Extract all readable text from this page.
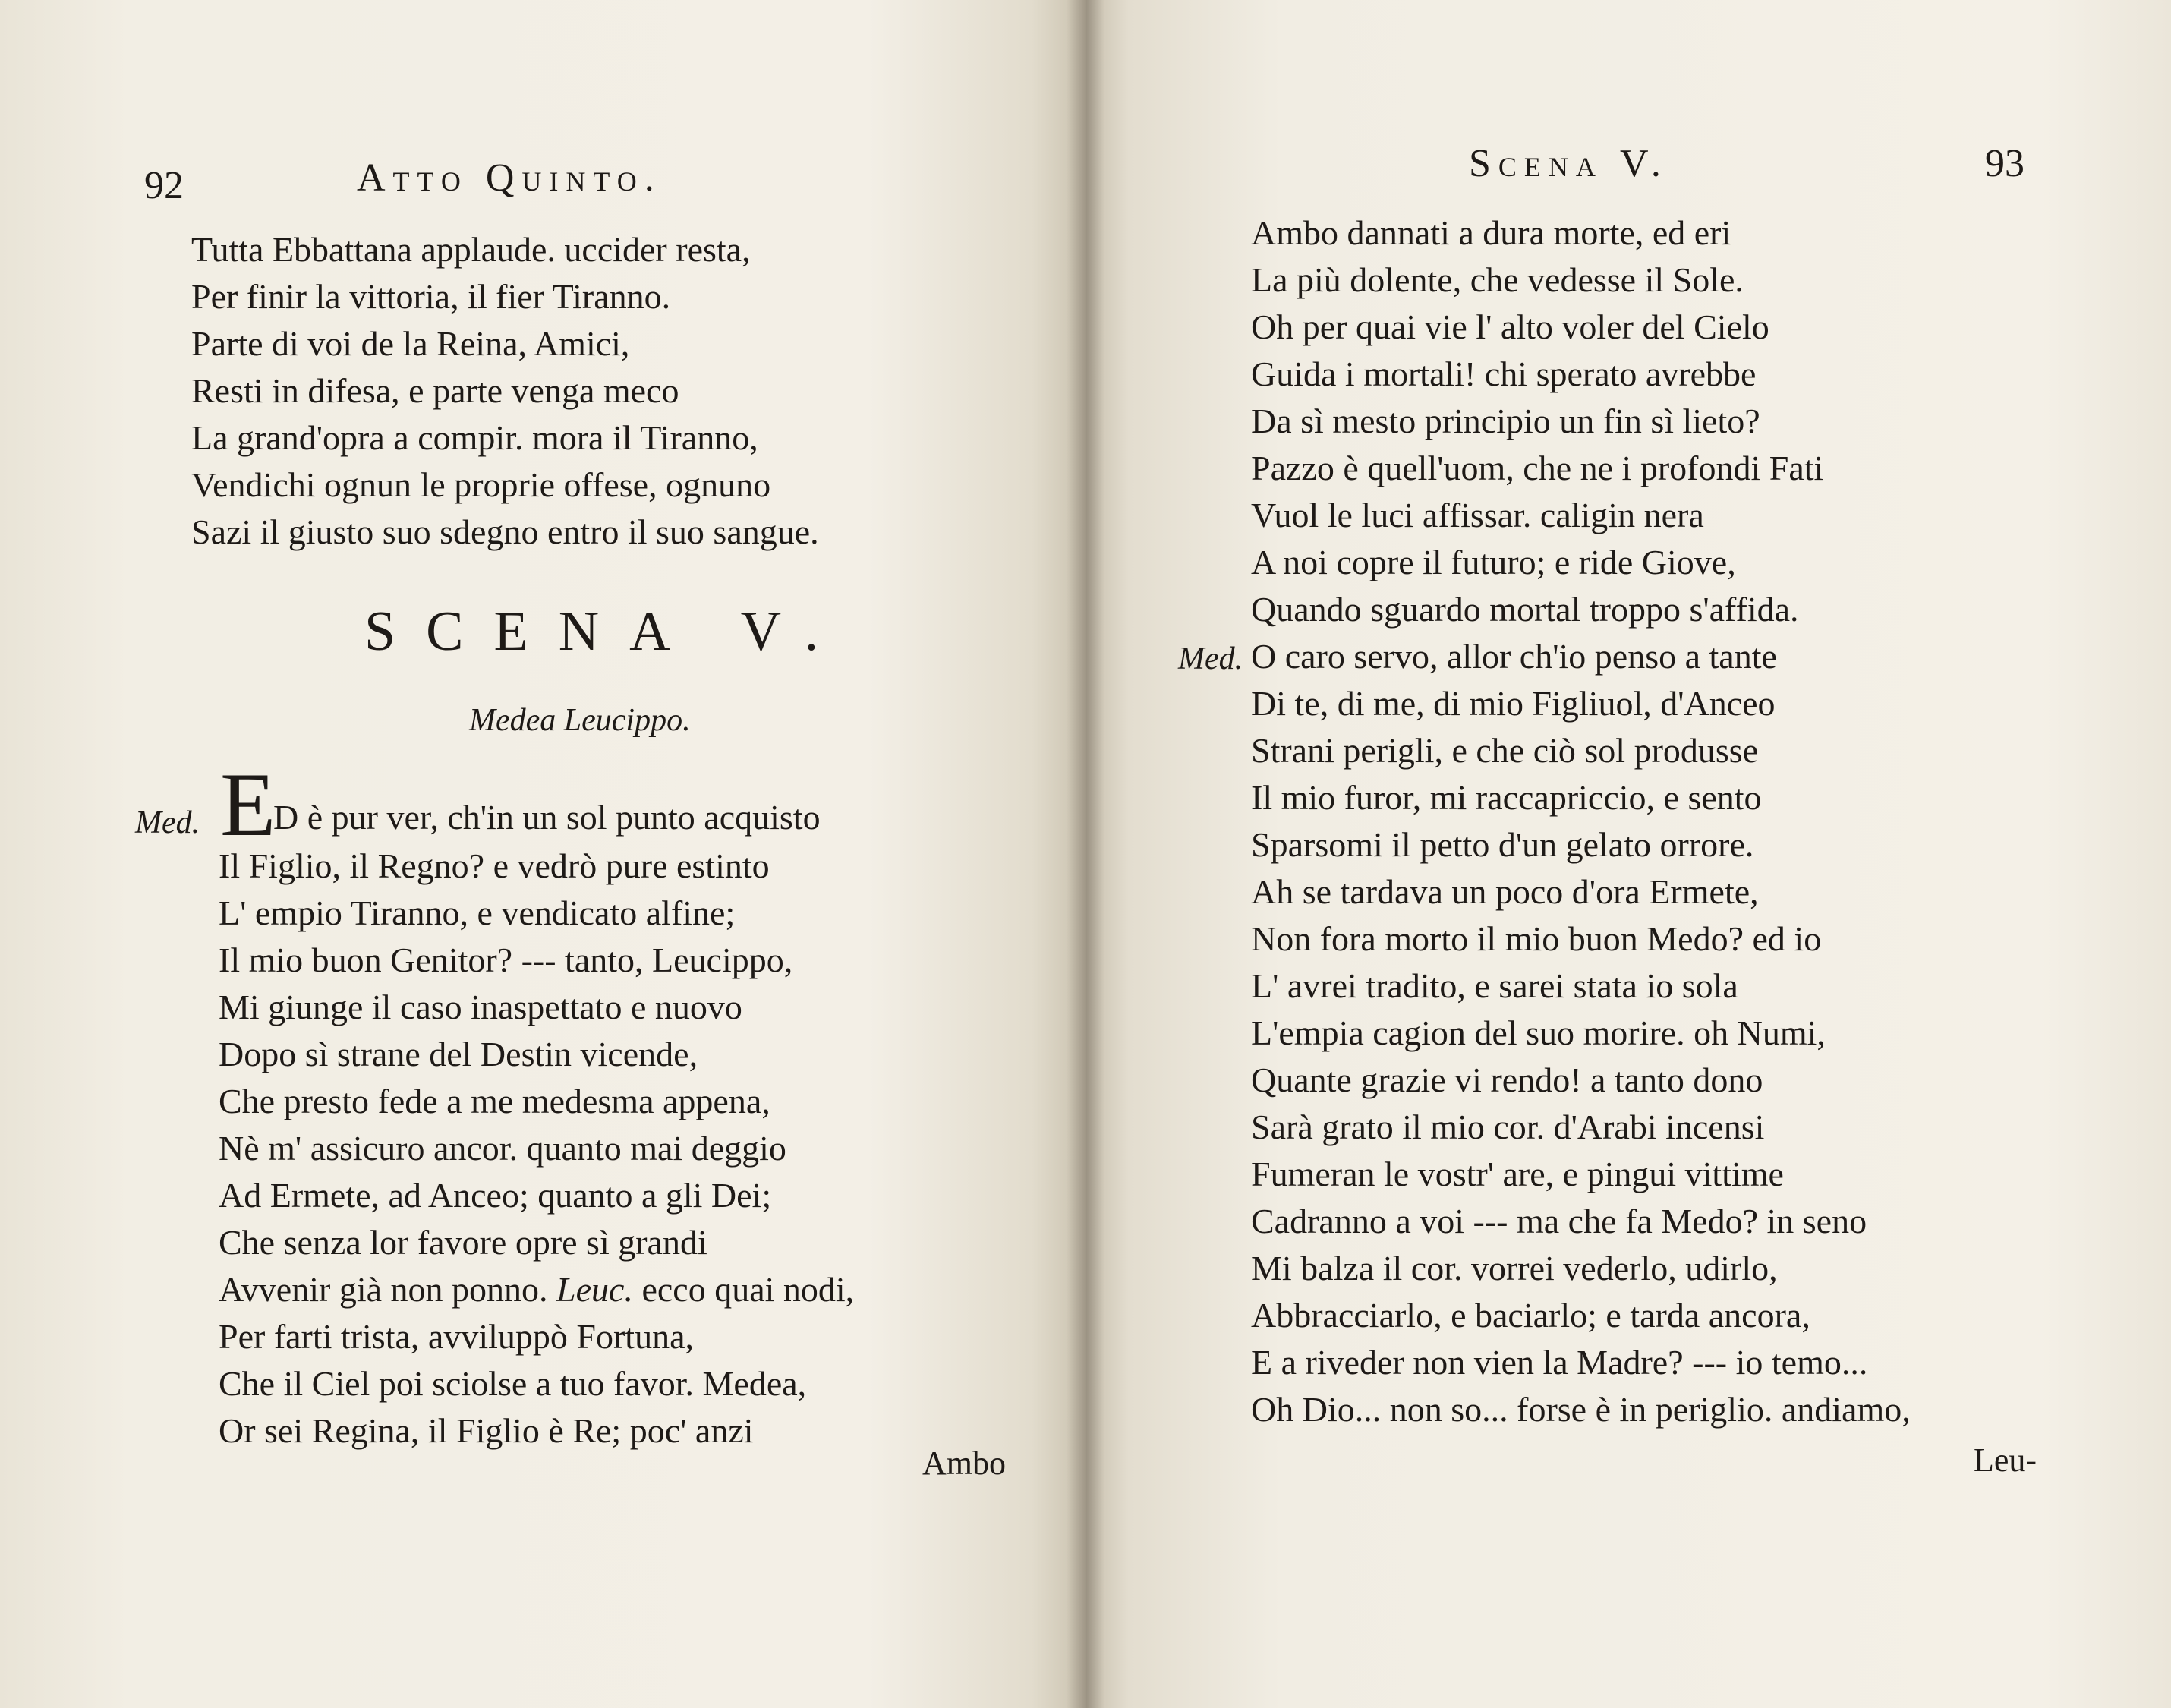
92	Atto Quinto.
Tutta Ebbattana applaude. uccider resta,
Per finir la vittoria, il fier Tiranno.
Parte di voi de la Reina, Amici,
Resti in difesa, e parte venga meco
La grand'opra a compir. mora il Tiranno,
Vendichi ognun le proprie offese, ognuno
Sazi il giusto suo sdegno entro il suo sangue.
SCENA V.
Medea Leucippo.
Med. E
D è pur ver, ch'in un sol punto acquisto
Il Figlio, il Regno? e vedrò pure estinto
L' empio Tiranno, e vendicato alfine;
Il mio buon Genitor? --- tanto, Leucippo,
Mi giunge il caso inaspettato e nuovo
Dopo sì strane del Destin vicende,
Che presto fede a me medesma appena,
Nè m' assicuro ancor. quanto mai deggio
Ad Ermete, ad Anceo; quanto a gli Dei;
Che senza lor favore opre sì grandi
Avvenir già non ponno. Leuc. ecco quai nodi,
Per farti trista, avviluppò Fortuna,
Che il Ciel poi sciolse a tuo favor. Medea,
Or sei Regina, il Figlio è Re; poc' anzi
Ambo
Scena V.	93
Ambo dannati a dura morte, ed eri
La più dolente, che vedesse il Sole.
Oh per quai vie l' alto voler del Cielo
Guida i mortali! chi sperato avrebbe
Da sì mesto principio un fin sì lieto?
Pazzo è quell'uom, che ne i profondi Fati
Vuol le luci affissar. caligin nera
A noi copre il futuro; e ride Giove,
Quando sguardo mortal troppo s'affida.
Med. O caro servo, allor ch'io penso a tante
Di te, di me, di mio Figliuol, d'Anceo
Strani perigli, e che ciò sol produsse
Il mio furor, mi raccapriccio, e sento
Sparsomi il petto d'un gelato orrore.
Ah se tardava un poco d'ora Ermete,
Non fora morto il mio buon Medo? ed io
L' avrei tradito, e sarei stata io sola
L'empia cagion del suo morire. oh Numi,
Quante grazie vi rendo! a tanto dono
Sarà grato il mio cor. d'Arabi incensi
Fumeran le vostr' are, e pingui vittime
Cadranno a voi --- ma che fa Medo? in seno
Mi balza il cor. vorrei vederlo, udirlo,
Abbracciarlo, e baciarlo; e tarda ancora,
E a riveder non vien la Madre? --- io temo...
Oh Dio... non so... forse è in periglio. andiamo,
Leu-
